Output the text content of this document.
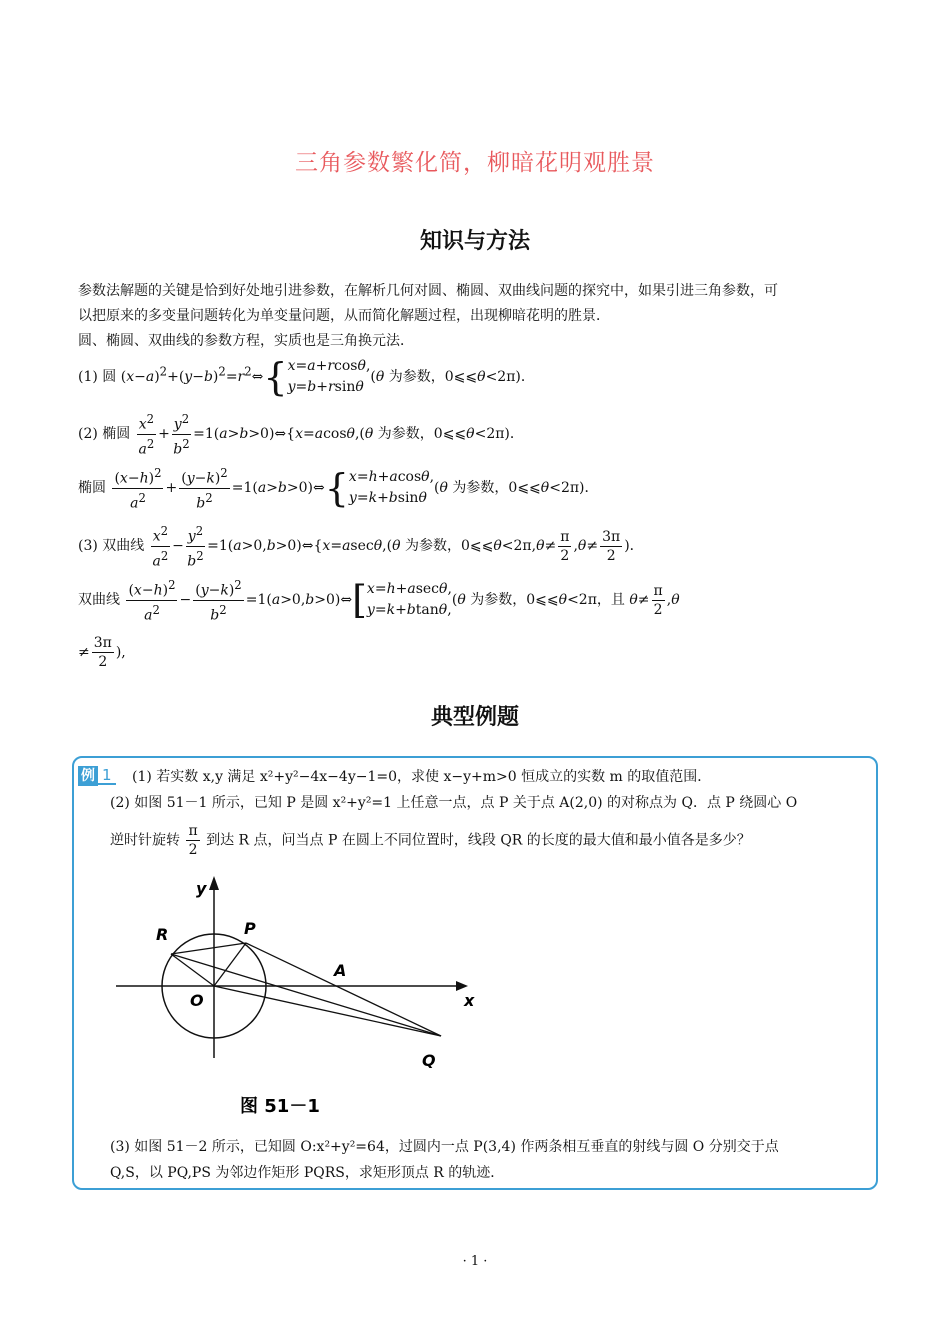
三角参数繁化简，柳暗花明观胜景
知识与方法
参数法解题的关键是恰到好处地引进参数，在解析几何对圆、椭圆、双曲线问题的探究中，如果引进三角参数，可
以把原来的多变量问题转化为单变量问题，从而简化解题过程，出现柳暗花明的胜景．
圆、椭圆、双曲线的参数方程，实质也是三角换元法．
(1) 圆 $(x-a)^2+(y-b)^2=r^2\Leftrightarrow\{x=a+rcos\theta$,
y=b+rsinθ(θ 为参数，0⩽⩽θ<2π)．
(2) 椭圆 $\frac{x^2}{a^2} + \frac{y^2}{b^2}$ =1(a>b>0)⇔{x=acosθ,(θ 为参数，0⩽⩽θ<2π)．
椭圆 $\frac{(x-h)^2}{a^2} + \frac{(y-k)^2}{b^2}$ =1(a>b>0)⇔{x=h+acosθ,
y=k+bsinθ(θ 为参数，0⩽⩽θ<2π)．
(3) 双曲线 $\frac{x^2}{a^2} - \frac{y^2}{b^2}$ =1(a>0,b>0)⇔{x=asecθ,(θ 为参数，0⩽⩽θ<2π,θ≠ $\frac{\pi}{2} ,\theta\ne \frac{3\pi}{2}$ )．
双曲线 $\frac{(x-h)^2}{a^2} - \frac{(y-k)^2}{b^2}$ =1(a>0,b>0)⇔[x=h+asecθ,
y=k+btanθ,(θ 为参数，0⩽⩽θ<2π，且 $\theta\ne \frac{\pi}{2} ,\theta$
≠ $\frac{3\pi}{2}$ ),
典型例题
例 1 (1) 若实数 x,y 满足 x²+y²−4x−4y−1=0，求使 x−y+m>0 恒成立的实数 m 的取值范围．
(2) 如图 51－1 所示，已知 P 是圆 x²+y²=1 上任意一点，点 P 关于点 A(2,0) 的对称点为 Q．点 P 绕圆心 O
逆时针旋转 $\frac{\pi}{2}$ 到达 R 点，问当点 P 在圆上不同位置时，线段 QR 的长度的最大值和最小值各是多少？
y
R	P
A
O	x
Q
图 51－1
(3) 如图 51－2 所示，已知圆 O:x²+y²=64，过圆内一点 P(3,4) 作两条相互垂直的射线与圆 O 分别交于点
Q,S，以 PQ,PS 为邻边作矩形 PQRS，求矩形顶点 R 的轨迹．
· 1 ·
